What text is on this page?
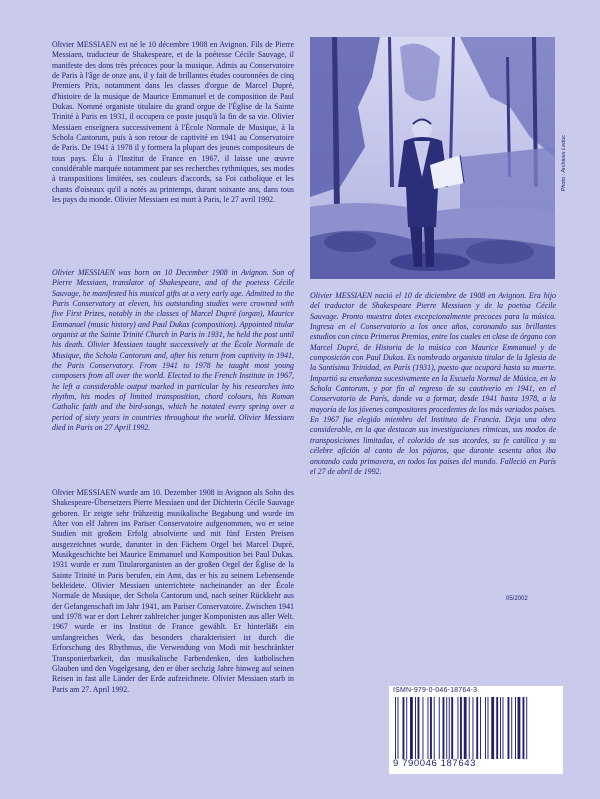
Olivier MESSIAEN est né le 10 décembre 1908 en Avignon. Fils de Pierre Messiaen, traducteur de Shakespeare, et de la poétesse Cécile Sauvage, il manifeste des dons très précoces pour la musique. Admis au Conservatoire de Paris à l'âge de onze ans, il y fait de brillantes études couronnées de cinq Premiers Prix, notamment dans les classes d'orgue de Marcel Dupré, d'histoire de la musique de Maurice Emmanuel et de composition de Paul Dukas. Nommé organiste titulaire du grand orgue de l'Église de la Sainte Trinité à Paris en 1931, il occupera ce poste jusqu'à la fin de sa vie. Olivier Messiaen enseignera successivement à l'École Normale de Musique, à la Schola Cantorum, puis à son retour de captivité en 1941 au Conservatoire de Paris. De 1941 à 1978 il y formera la plupart des jeunes compositeurs de tous pays. Élu à l'Institut de France en 1967, il laisse une œuvre considérable marquée notamment par ses recherches rythmiques, ses modes à transpositions limitées, ses couleurs d'accords, sa Foi catholique et les chants d'oiseaux qu'il a notés au printemps, durant soixante ans, dans tous les pays du monde. Olivier Messiaen est mort à Paris, le 27 avril 1992.

Olivier MESSIAEN was born on 10 December 1908 in Avignon. Son of Pierre Messiaen, translator of Shakespeare, and of the poetess Cécile Sauvage, he manifested his musical gifts at a very early age. Admitted to the Paris Conservatory at eleven, his outstanding studies were crowned with five First Prizes, notably in the classes of Marcel Dupré (organ), Maurice Emmanuel (music history) and Paul Dukas (composition). Appointed titular organist at the Sainte Trinité Church in Paris in 1931, he held the post until his death. Olivier Messiaen taught successively at the École Normale de Musique, the Schola Cantorum and, after his return from captivity in 1941, the Paris Conservatory. From 1941 to 1978 he taught most young composers from all over the world. Elected to the French Institute in 1967, he left a considerable output marked in particular by his researches into rhythm, his modes of limited transposition, chord colours, his Roman Catholic faith and the bird-songs, which he notated every spring over a period of sixty years in countries throughout the world. Olivier Messiaen died in Paris on 27 April 1992.

Olivier MESSIAEN wurde am 10. Dezember 1908 in Avignon als Sohn des Shakespeare-Übersetzers Pierre Messiaen und der Dichterin Cécile Sauvage geboren. Er zeigte sehr frühzeitig musikalische Begabung und wurde im Alter von elf Jahren ins Pariser Conservatoire aufgenommen, wo er seine Studien mit großem Erfolg absolvierte und mit fünf Ersten Preisen ausgezeichnet wurde, darunter in den Fächern Orgel bei Marcel Dupré, Musikgeschichte bei Maurice Emmanuel und Komposition bei Paul Dukas. 1931 wurde er zum Titularorganisten an der großen Orgel der Église de la Sainte Trinité in Paris berufen, ein Amt, das er bis zu seinem Lebensende bekleidete. Olivier Messiaen unterrichtete nacheinander an der École Normale de Musique, der Schola Cantorum und, nach seiner Rückkehr aus der Gefangenschaft im Jahr 1941, am Pariser Conservatoire. Zwischen 1941 und 1978 war er dort Lehrer zahlreicher junger Komponisten aus aller Welt. 1967 wurde er ins Institut de France gewählt. Er hinterläßt ein umfangreiches Werk, das besonders charakterisiert ist durch die Erforschung des Rhythmus, die Verwendung von Modi mit beschränkter Transponierbarkeit, das musikalische Farbendenken, den katholischen Glauben und den Vogelgesang, den er über sechzig Jahre hinweg auf seinen Reisen in fast alle Länder der Erde aufzeichnete. Olivier Messiaen starb in Paris am 27. April 1992.

Olivier MESSIAEN nació el 10 de diciembre de 1908 en Avignon. Era hijo del traductor de Shakespeare Pierre Messiaen y de la poetisa Cécile Sauvage. Pronto muestra dotes excepcionalmente precoces para la música. Ingresa en el Conservatorio a los once años, coronando sus brillantes estudios con cinco Primeros Premios, entre los cuales en clase de órgano con Marcel Dupré, de Historia de la música con Maurice Emmanuel y de composición con Paul Dukas. Es nombrado organista titular de la Iglesia de la Santísima Trinidad, en París (1931), puesto que ocupará hasta su muerte. Impartió su enseñanza sucesivamente en la Escuela Normal de Música, en la Schola Cantorum, y por fin al regreso de su cautiverio en 1941, en el Conservatorio de París, donde va a formar, desde 1941 hasta 1978, a la mayoría de los jóvenes compositores procedentes de los más variados países. En 1967 fue elegido miembro del Instituto de Francia. Deja una obra considerable, en la que destacan sus investigaciones rítmicas, sus modos de transposiciones limitadas, el colorido de sus acordes, su fe católica y su célebre afición al canto de los pájaros, que durante sesenta años iba anotando cada primavera, en todos los países del mundo. Falleció en París el 27 de abril de 1992.

Photo : Archives Leduc
05/2002
ISMN-979-0-046-18764-3
9 790046 187643
